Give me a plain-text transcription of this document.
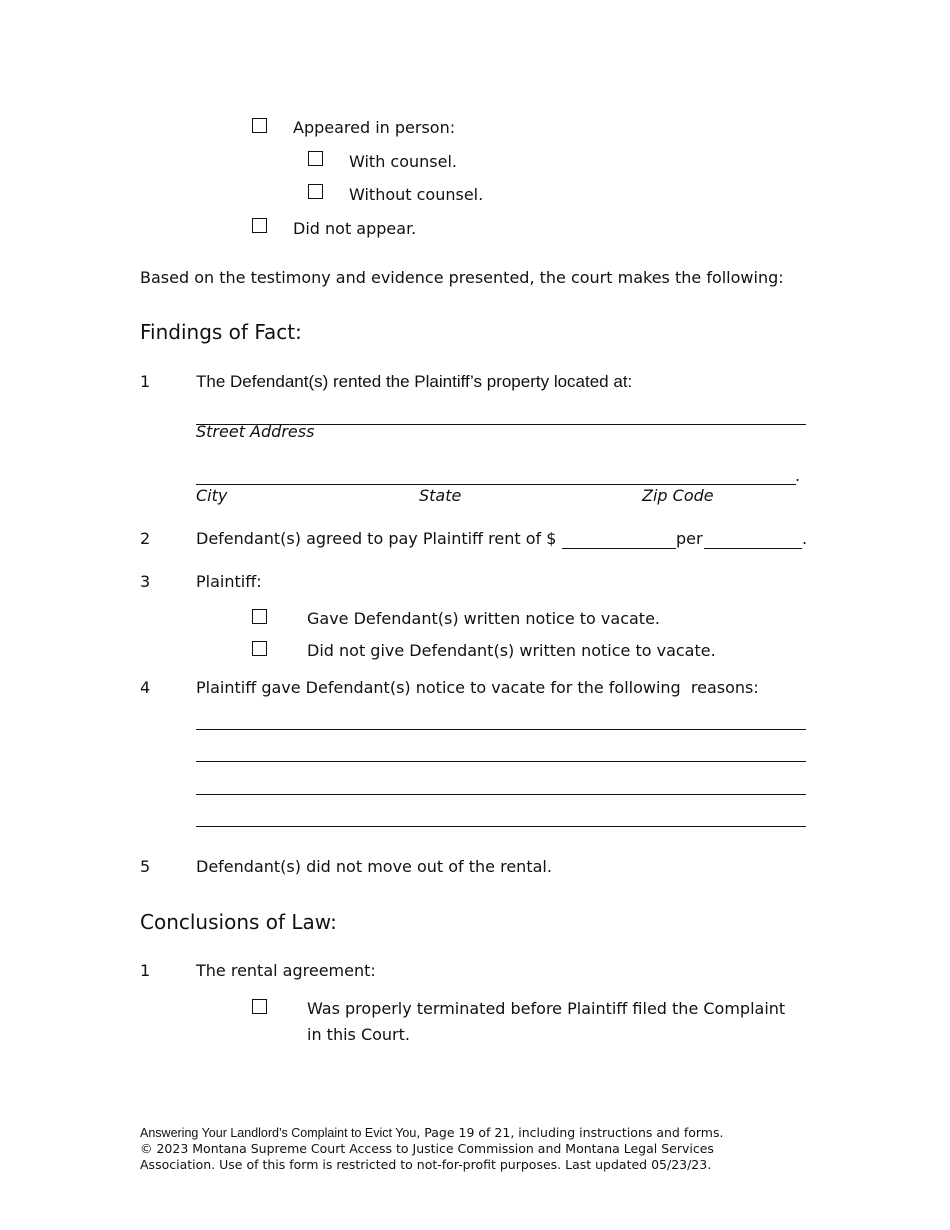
Appeared in person:
With counsel.
Without counsel.
Did not appear.
Based on the testimony and evidence presented, the court makes the following:
Findings of Fact:
1	The Defendant(s) rented the Plaintiff’s property located at:
Street Address
.
City	State	Zip Code
2	Defendant(s) agreed to pay Plaintiff rent of $	per	.
3	Plaintiff:
Gave Defendant(s) written notice to vacate.
Did not give Defendant(s) written notice to vacate.
4	Plaintiff gave Defendant(s) notice to vacate for the following  reasons:
5	Defendant(s) did not move out of the rental.
Conclusions of Law:
1	The rental agreement:
Was properly terminated before Plaintiff filed the Complaint
in this Court.
Answering Your Landlord’s Complaint to Evict You, Page 19 of 21, including instructions and forms.
© 2023 Montana Supreme Court Access to Justice Commission and Montana Legal Services
Association. Use of this form is restricted to not-for-profit purposes. Last updated 05/23/23.
